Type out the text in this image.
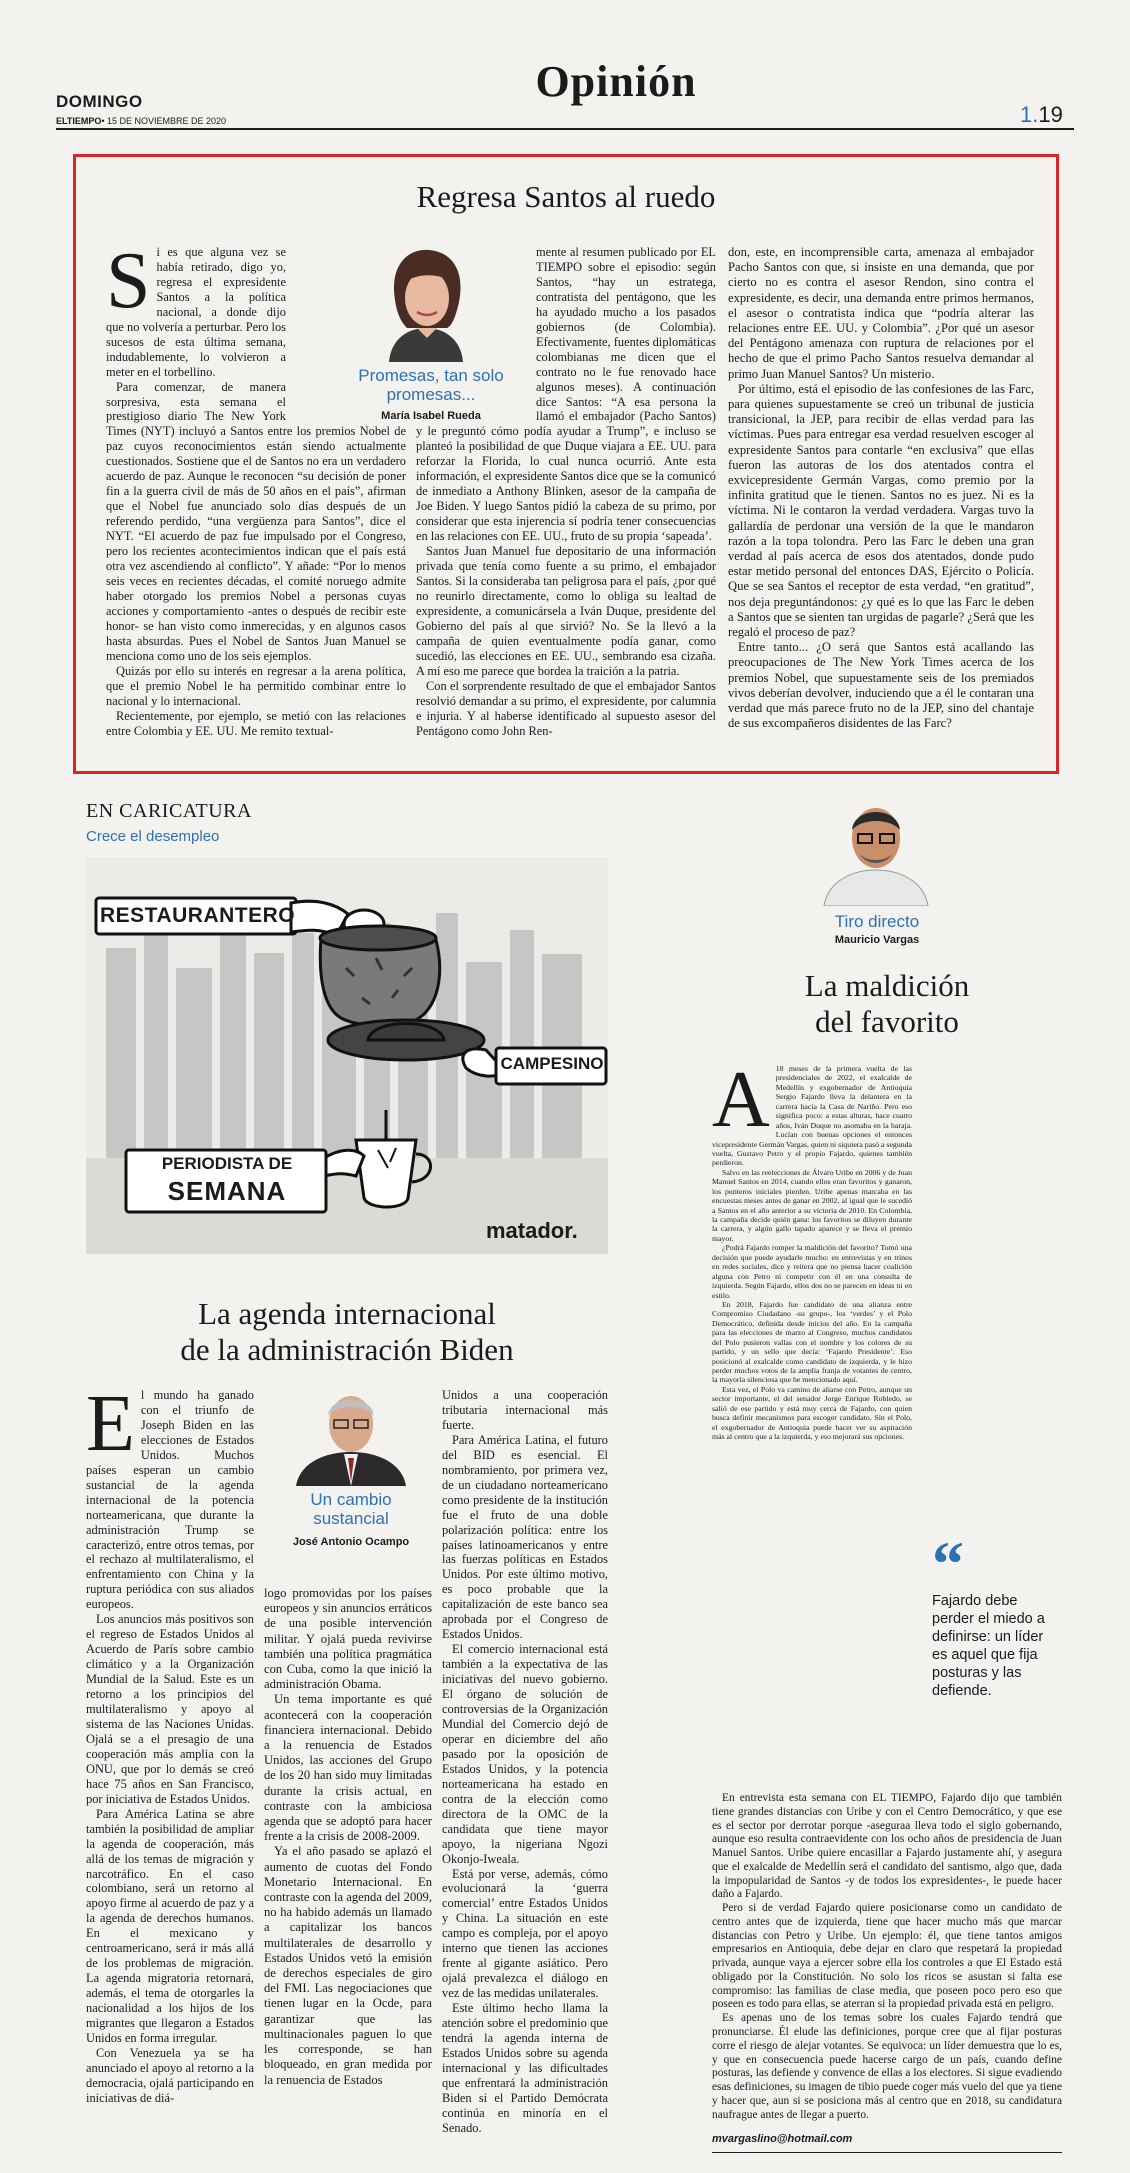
Opinión
DOMINGO
ELTIEMPO• 15 DE NOVIEMBRE DE 2020	1.19
Regresa Santos al ruedo
Promesas, tan solo promesas...
María Isabel Rueda
S i es que alguna vez se había retirado, digo yo, regresa el expresidente Santos a la política nacional, a donde dijo que no volvería a perturbar. Pero los sucesos de esta última semana, indudablemente, lo volvieron a meter en el torbellino.

Para comenzar, de manera sorpresiva, esta semana el prestigioso diario The New York Times (NYT) incluyó a Santos entre los premios Nobel de paz cuyos reconocimientos están siendo actualmente cuestionados. Sostiene que el de Santos no era un verdadero acuerdo de paz. Aunque le reconocen “su decisión de poner fin a la guerra civil de más de 50 años en el país”, afirman que el Nobel fue anunciado solo días después de un referendo perdido, “una vergüenza para Santos”, dice el NYT. “El acuerdo de paz fue impulsado por el Congreso, pero los recientes acontecimientos indican que el país está otra vez ascendiendo al conflicto”. Y añade: “Por lo menos seis veces en recientes décadas, el comité noruego admite haber otorgado los premios Nobel a personas cuyas acciones y comportamiento -antes o después de recibir este honor- se han visto como inmerecidas, y en algunos casos hasta absurdas. Pues el Nobel de Santos Juan Manuel se menciona como uno de los seis ejemplos.

Quizás por ello su interés en regresar a la arena política, que el premio Nobel le ha permitido combinar entre lo nacional y lo internacional.

Recientemente, por ejemplo, se metió con las relaciones entre Colombia y EE. UU. Me remito textual-

mente al resumen publicado por EL TIEMPO sobre el episodio: según Santos, “hay un estratega, contratista del pentágono, que les ha ayudado mucho a los pasados gobiernos (de Colombia). Efectivamente, fuentes diplomáticas colombianas me dicen que el contrato no le fue renovado hace algunos meses). A continuación dice Santos: “A esa persona la llamó el embajador (Pacho Santos) y le preguntó cómo podía ayudar a Trump”, e incluso se planteó la posibilidad de que Duque viajara a EE. UU. para reforzar la Florida, lo cual nunca ocurrió. Ante esta información, el expresidente Santos dice que se la comunicó de inmediato a Anthony Blinken, asesor de la campaña de Joe Biden. Y luego Santos pidió la cabeza de su primo, por considerar que esta injerencia sí podría tener consecuencias en las relaciones con EE. UU., fruto de su propia ‘sapeada’.

Santos Juan Manuel fue depositario de una información privada que tenía como fuente a su primo, el embajador Santos. Si la consideraba tan peligrosa para el país, ¿por qué no reunirlo directamente, como lo obliga su lealtad de expresidente, a comunicársela a Iván Duque, presidente del Gobierno del país al que sirvió? No. Se la llevó a la campaña de quien eventualmente podía ganar, como sucedió, las elecciones en EE. UU., sembrando esa cizaña. A mí eso me parece que bordea la traición a la patria.

Con el sorprendente resultado de que el embajador Santos resolvió demandar a su primo, el expresidente, por calumnia e injuria. Y al haberse identificado al supuesto asesor del Pentágono como John Ren-

don, este, en incomprensible carta, amenaza al embajador Pacho Santos con que, si insiste en una demanda, que por cierto no es contra el asesor Rendon, sino contra el expresidente, es decir, una demanda entre primos hermanos, el asesor o contratista indica que “podría alterar las relaciones entre EE. UU. y Colombia”. ¿Por qué un asesor del Pentágono amenaza con ruptura de relaciones por el hecho de que el primo Pacho Santos resuelva demandar al primo Juan Manuel Santos? Un misterio.

Por último, está el episodio de las confesiones de las Farc, para quienes supuestamente se creó un tribunal de justicia transicional, la JEP, para recibir de ellas verdad para las víctimas. Pues para entregar esa verdad resuelven escoger al expresidente Santos para contarle “en exclusiva” que ellas fueron las autoras de los dos atentados contra el exvicepresidente Germán Vargas, como premio por la infinita gratitud que le tienen. Santos no es juez. Ni es la víctima. Ni le contaron la verdad verdadera. Vargas tuvo la gallardía de perdonar una versión de la que le mandaron razón a la topa tolondra. Pero las Farc le deben una gran verdad al país acerca de esos dos atentados, donde pudo estar metido personal del entonces DAS, Ejército o Policía. Que se sea Santos el receptor de esta verdad, “en gratitud”, nos deja preguntándonos: ¿y qué es lo que las Farc le deben a Santos que se sienten tan urgidas de pagarle? ¿Será que les regaló el proceso de paz?

Entre tanto... ¿O será que Santos está acallando las preocupaciones de The New York Times acerca de los premios Nobel, que supuestamente seis de los premiados vivos deberían devolver, induciendo que a él le contaran una verdad que más parece fruto no de la JEP, sino del chantaje de sus excompañeros disidentes de las Farc?

EN CARICATURA
Crece el desempleo
RESTAURANTERO
CAMPESINO
PERIODISTA DE
SEMANA
matador.
La agenda internacional
de la administración Biden
Un cambio sustancial
José Antonio Ocampo
E l mundo ha ganado con el triunfo de Joseph Biden en las elecciones de Estados Unidos. Muchos países esperan un cambio sustancial de la agenda internacional de la potencia norteamericana, que durante la administración Trump se caracterizó, entre otros temas, por el rechazo al multilateralismo, el enfrentamiento con China y la ruptura periódica con sus aliados europeos.

Los anuncios más positivos son el regreso de Estados Unidos al Acuerdo de París sobre cambio climático y a la Organización Mundial de la Salud. Este es un retorno a los principios del multilateralismo y apoyo al sistema de las Naciones Unidas. Ojalá se a el presagio de una cooperación más amplia con la ONU, que por lo demás se creó hace 75 años en San Francisco, por iniciativa de Estados Unidos.

Para América Latina se abre también la posibilidad de ampliar la agenda de cooperación, más allá de los temas de migración y narcotráfico. En el caso colombiano, será un retorno al apoyo firme al acuerdo de paz y a la agenda de derechos humanos. En el mexicano y centroamericano, será ir más allá de los problemas de migración. La agenda migratoria retornará, además, el tema de otorgarles la nacionalidad a los hijos de los migrantes que llegaron a Estados Unidos en forma irregular.

Con Venezuela ya se ha anunciado el apoyo al retorno a la democracia, ojalá participando en iniciativas de diá-

logo promovidas por los países europeos y sin anuncios erráticos de una posible intervención militar. Y ojalá pueda revivirse también una política pragmática con Cuba, como la que inició la administración Obama.

Un tema importante es qué acontecerá con la cooperación financiera internacional. Debido a la renuencia de Estados Unidos, las acciones del Grupo de los 20 han sido muy limitadas durante la crisis actual, en contraste con la ambiciosa agenda que se adoptó para hacer frente a la crisis de 2008-2009.

Ya el año pasado se aplazó el aumento de cuotas del Fondo Monetario Internacional. En contraste con la agenda del 2009, no ha habido además un llamado a capitalizar los bancos multilaterales de desarrollo y Estados Unidos vetó la emisión de derechos especiales de giro del FMI. Las negociaciones que tienen lugar en la Ocde, para garantizar que las multinacionales paguen lo que les corresponde, se han bloqueado, en gran medida por la renuencia de Estados

Unidos a una cooperación tributaria internacional más fuerte.

Para América Latina, el futuro del BID es esencial. El nombramiento, por primera vez, de un ciudadano norteamericano como presidente de la institución fue el fruto de una doble polarización política: entre los países latinoamericanos y entre las fuerzas políticas en Estados Unidos. Por este último motivo, es poco probable que la capitalización de este banco sea aprobada por el Congreso de Estados Unidos.

El comercio internacional está también a la expectativa de las iniciativas del nuevo gobierno. El órgano de solución de controversias de la Organización Mundial del Comercio dejó de operar en diciembre del año pasado por la oposición de Estados Unidos, y la potencia norteamericana ha estado en contra de la elección como directora de la OMC de la candidata que tiene mayor apoyo, la nigeriana Ngozi Okonjo-Iweala.

Está por verse, además, cómo evolucionará la ‘guerra comercial’ entre Estados Unidos y China. La situación en este campo es compleja, por el apoyo interno que tienen las acciones frente al gigante asiático. Pero ojalá prevalezca el diálogo en vez de las medidas unilaterales.

Este último hecho llama la atención sobre el predominio que tendrá la agenda interna de Estados Unidos sobre su agenda internacional y las dificultades que enfrentará la administración Biden si el Partido Demócrata continúa en minoría en el Senado.

Tiro directo
Mauricio Vargas
La maldición
del favorito
A 18 meses de la primera vuelta de las presidenciales de 2022, el exalcalde de Medellín y exgobernador de Antioquia Sergio Fajardo lleva la delantera en la carrera hacia la Casa de Nariño. Pero eso significa poco: a estas alturas, hace cuatro años, Iván Duque no asomaba en la baraja. Lucían con buenas opciones el entonces vicepresidente Germán Vargas, quien ni siquiera pasó a segunda vuelta, Gustavo Petro y el propio Fajardo, quienes también perdieron.

Salvo en las reelecciones de Álvaro Uribe en 2006 y de Juan Manuel Santos en 2014, cuando ellos eran favoritos y ganaron, los punteros iniciales pierden. Uribe apenas marcaba en las encuestas meses antes de ganar en 2002, al igual que le sucedió a Santos en el año anterior a su victoria de 2010. En Colombia, la campaña decide quién gana: los favoritos se diluyen durante la carrera, y algún gallo tapado aparece y se lleva el premio mayor.

¿Podrá Fajardo romper la maldición del favorito? Tomó una decisión que puede ayudarle mucho: en entrevistas y en trinos en redes sociales, dice y reitera que no piensa hacer coalición alguna con Petro ni competir con él en una consulta de izquierda. Según Fajardo, ellos dos no se parecen en ideas ni en estilo.

En 2018, Fajardo fue candidato de una alianza entre Compromiso Ciudadano -su grupo-, los ‘verdes’ y el Polo Democrático, definida desde inicios del año. En la campaña para las elecciones de marzo al Congreso, muchos candidatos del Polo pusieron vallas con el nombre y los colores de su partido, y un sello que decía: ‘Fajardo Presidente’. Eso posicionó al exalcalde como candidato de izquierda, y le hizo perder muchos votos de la amplia franja de votantes de centro, la mayoría silenciosa que he mencionado aquí.

Esta vez, el Polo va camino de aliarse con Petro, aunque un sector importante, el del senador Jorge Enrique Robledo, se salió de ese partido y está muy cerca de Fajardo, con quien busca definir mecanismos para escoger candidato. Sin el Polo, el exgobernador de Antioquia puede hacer ver su aspiración más al centro que a la izquierda, y eso mejorará sus opciones.

“
Fajardo debe perder el miedo a definirse: un líder es aquel que fija posturas y las defiende.

En entrevista esta semana con EL TIEMPO, Fajardo dijo que también tiene grandes distancias con Uribe y con el Centro Democrático, y que ese es el sector por derrotar porque -aseguraa lleva todo el siglo gobernando, aunque eso resulta contraevidente con los ocho años de presidencia de Juan Manuel Santos. Uribe quiere encasillar a Fajardo justamente ahí, y asegura que el exalcalde de Medellín será el candidato del santismo, algo que, dada la impopularidad de Santos -y de todos los expresidentes-, le puede hacer daño a Fajardo.

Pero si de verdad Fajardo quiere posicionarse como un candidato de centro antes que de izquierda, tiene que hacer mucho más que marcar distancias con Petro y Uribe. Un ejemplo: él, que tiene tantos amigos empresarios en Antioquia, debe dejar en claro que respetará la propiedad privada, aunque vaya a ejercer sobre ella los controles a que El Estado está obligado por la Constitución. No solo los ricos se asustan si falta ese compromiso: las familias de clase media, que poseen poco pero eso que poseen es todo para ellas, se aterran si la propiedad privada está en peligro.

Es apenas uno de los temas sobre los cuales Fajardo tendrá que pronunciarse. Él elude las definiciones, porque cree que al fijar posturas corre el riesgo de alejar votantes. Se equivoca: un líder demuestra que lo es, y que en consecuencia puede hacerse cargo de un país, cuando define posturas, las defiende y convence de ellas a los electores. Si sigue evadiendo esas definiciones, su imagen de tibio puede coger más vuelo del que ya tiene y hacer que, aun si se posiciona más al centro que en 2018, su candidatura naufrague antes de llegar a puerto.

mvargaslino@hotmail.com
